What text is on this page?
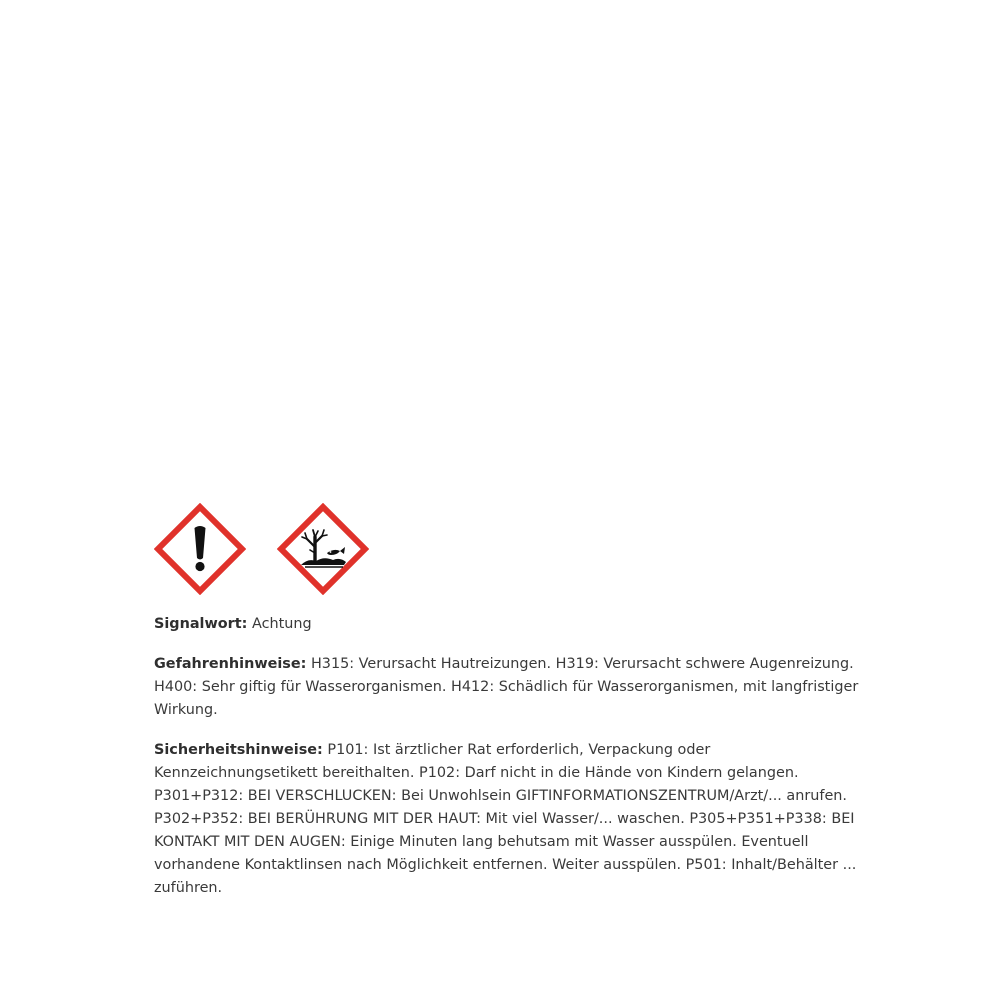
Signalwort: Achtung
Gefahrenhinweise: H315: Verursacht Hautreizungen. H319: Verursacht schwere Augenreizung. H400: Sehr giftig für Wasserorganismen. H412: Schädlich für Wasserorganismen, mit langfristiger Wirkung.
Sicherheitshinweise: P101: Ist ärztlicher Rat erforderlich, Verpackung oder Kennzeichnungsetikett bereithalten. P102: Darf nicht in die Hände von Kindern gelangen. P301+P312: BEI VERSCHLUCKEN: Bei Unwohlsein GIFTINFORMATIONSZENTRUM/Arzt/... anrufen. P302+P352: BEI BERÜHRUNG MIT DER HAUT: Mit viel Wasser/... waschen. P305+P351+P338: BEI KONTAKT MIT DEN AUGEN: Einige Minuten lang behutsam mit Wasser ausspülen. Eventuell vorhandene Kontaktlinsen nach Möglichkeit entfernen. Weiter ausspülen. P501: Inhalt/Behälter ... zuführen.
